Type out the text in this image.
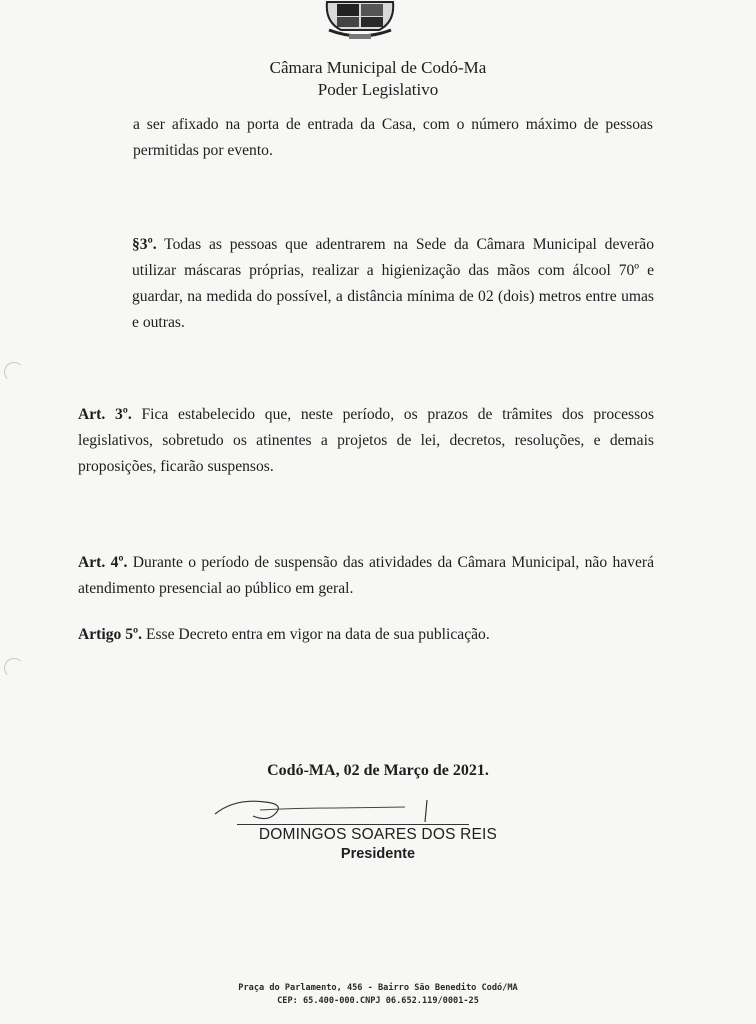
Câmara Municipal de Codó-Ma
Poder Legislativo

a ser afixado na porta de entrada da Casa, com o número máximo de pessoas permitidas por evento.

§3º. Todas as pessoas que adentrarem na Sede da Câmara Municipal deverão utilizar máscaras próprias, realizar a higienização das mãos com álcool 70º e guardar, na medida do possível, a distância mínima de 02 (dois) metros entre umas e outras.

Art. 3º. Fica estabelecido que, neste período, os prazos de trâmites dos processos legislativos, sobretudo os atinentes a projetos de lei, decretos, resoluções, e demais proposições, ficarão suspensos.

Art. 4º. Durante o período de suspensão das atividades da Câmara Municipal, não haverá atendimento presencial ao público em geral.

Artigo 5º. Esse Decreto entra em vigor na data de sua publicação.

Codó-MA, 02 de Março de 2021.
DOMINGOS SOARES DOS REIS
Presidente
Praça do Parlamento, 456 - Bairro São Benedito Codó/MA
CEP: 65.400-000.CNPJ 06.652.119/0001-25
